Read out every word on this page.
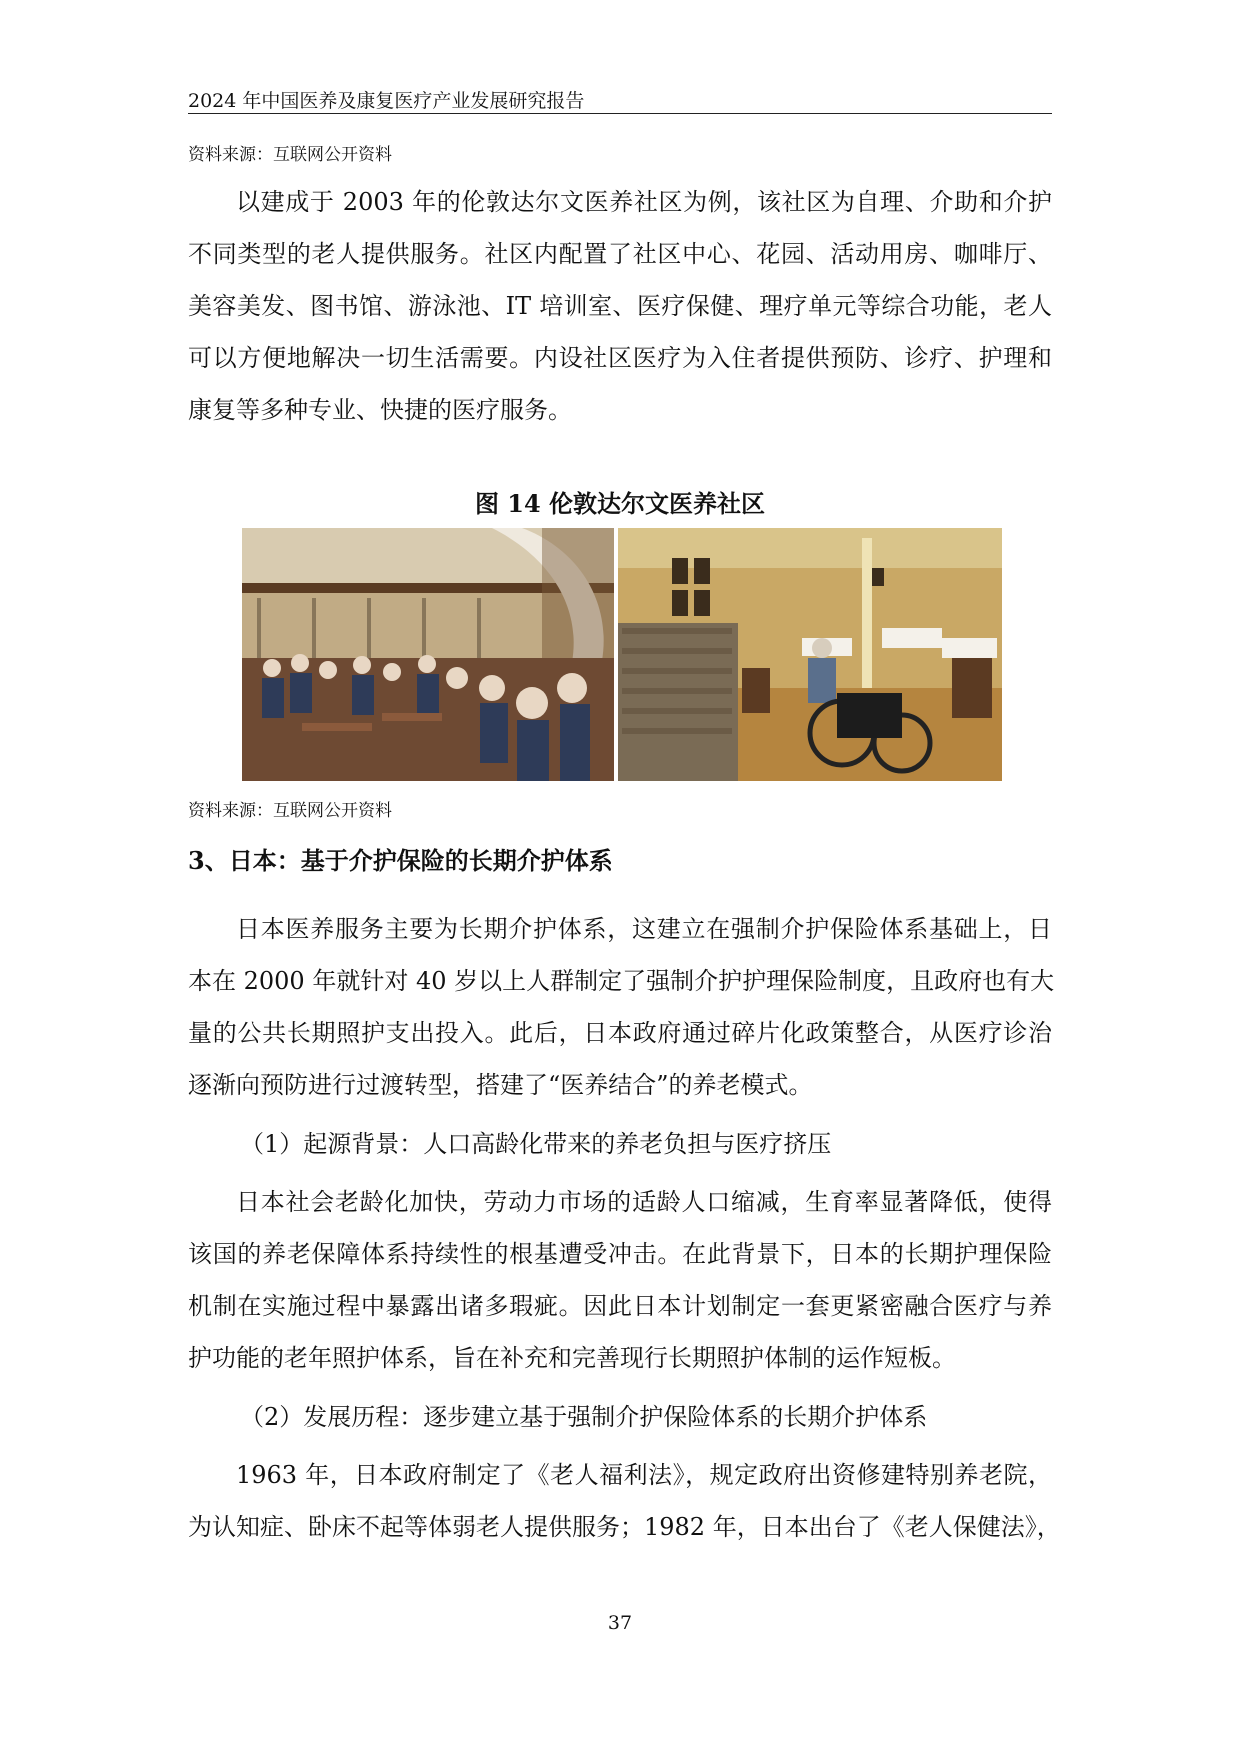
2024 年中国医养及康复医疗产业发展研究报告
资料来源：互联网公开资料
以建成于 2003 年的伦敦达尔文医养社区为例，该社区为自理、介助和介护
不同类型的老人提供服务。社区内配置了社区中心、花园、活动用房、咖啡厅、
美容美发、图书馆、游泳池、IT 培训室、医疗保健、理疗单元等综合功能，老人
可以方便地解决一切生活需要。内设社区医疗为入住者提供预防、诊疗、护理和
康复等多种专业、快捷的医疗服务。
图 14 伦敦达尔文医养社区
资料来源：互联网公开资料
3、日本：基于介护保险的长期介护体系
日本医养服务主要为长期介护体系，这建立在强制介护保险体系基础上，日
本在 2000 年就针对 40 岁以上人群制定了强制介护护理保险制度，且政府也有大
量的公共长期照护支出投入。此后，日本政府通过碎片化政策整合，从医疗诊治
逐渐向预防进行过渡转型，搭建了“医养结合”的养老模式。
（1）起源背景：人口高龄化带来的养老负担与医疗挤压
日本社会老龄化加快，劳动力市场的适龄人口缩减，生育率显著降低，使得
该国的养老保障体系持续性的根基遭受冲击。在此背景下，日本的长期护理保险
机制在实施过程中暴露出诸多瑕疵。因此日本计划制定一套更紧密融合医疗与养
护功能的老年照护体系，旨在补充和完善现行长期照护体制的运作短板。
（2）发展历程：逐步建立基于强制介护保险体系的长期介护体系
1963 年，日本政府制定了《老人福利法》，规定政府出资修建特别养老院，
为认知症、卧床不起等体弱老人提供服务；1982 年，日本出台了《老人保健法》，
37
